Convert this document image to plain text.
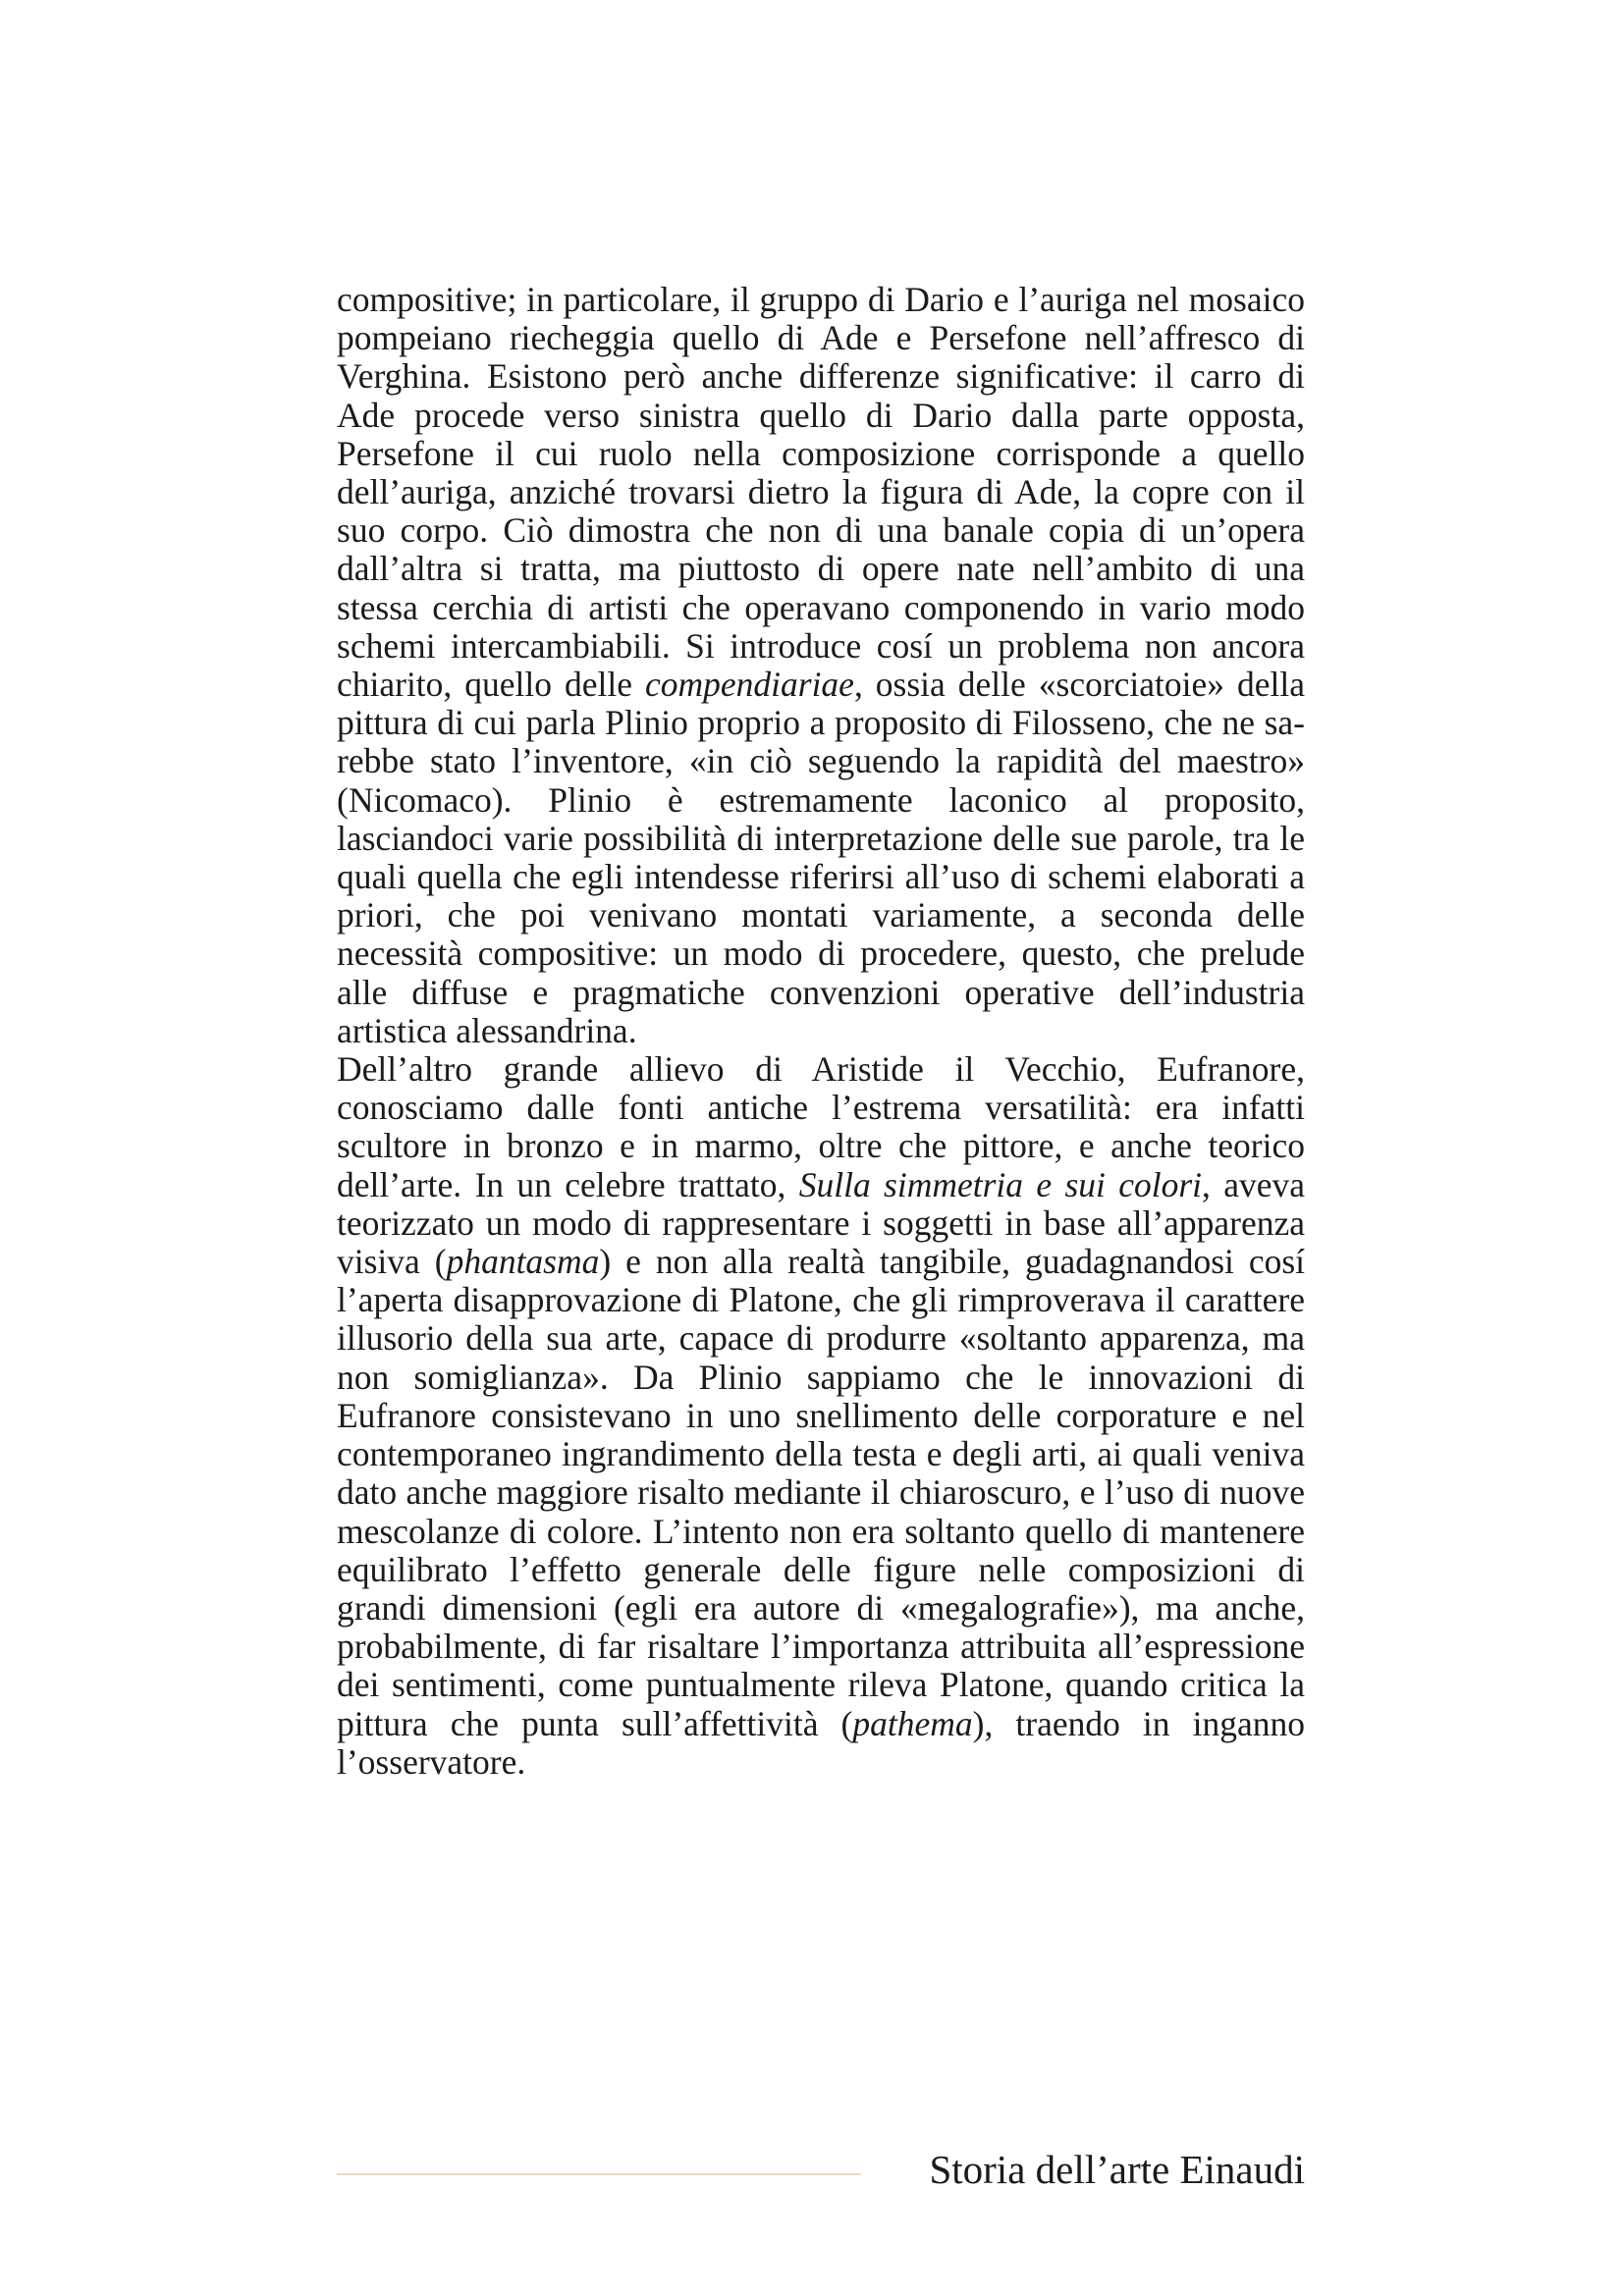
compositive; in particolare, il gruppo di Dario e l’auriga nel mosaico pompeiano riecheggia quello di Ade e Persefone nell’affresco di Verghina. Esistono però anche differenze significative: il carro di Ade procede verso sinistra quello di Dario dalla parte opposta, Persefone il cui ruolo nella composizione corrisponde a quello dell’auriga, anziché trovarsi dietro la figura di Ade, la copre con il suo corpo. Ciò dimostra che non di una banale copia di un’opera dall’altra si tratta, ma piuttosto di opere nate nell’ambito di una stessa cerchia di artisti che operavano componendo in vario modo schemi intercambiabili. Si introduce cosí un problema non ancora chiarito, quello delle compendiariae, ossia delle «scorciatoie» della pittura di cui parla Plinio proprio a proposito di Filosseno, che ne sarebbe stato l’inventore, «in ciò seguendo la rapidità del maestro» (Nicomaco). Plinio è estremamente laconico al proposito, lasciandoci varie possibilità di interpretazione delle sue parole, tra le quali quella che egli intendesse riferirsi all’uso di schemi elaborati a priori, che poi venivano montati variamente, a seconda delle necessità compositive: un modo di procedere, questo, che prelude alle diffuse e pragmatiche convenzioni operative dell’industria artistica alessandrina.

Dell’altro grande allievo di Aristide il Vecchio, Eufranore, conosciamo dalle fonti antiche l’estrema versatilità: era infatti scultore in bronzo e in marmo, oltre che pittore, e anche teorico dell’arte. In un celebre trattato, Sulla simmetria e sui colori, aveva teorizzato un modo di rappresentare i soggetti in base all’apparenza visiva (phantasma) e non alla realtà tangibile, guadagnandosi cosí l’aperta disapprovazione di Platone, che gli rimproverava il carattere illusorio della sua arte, capace di produrre «soltanto apparenza, ma non somiglianza». Da Plinio sappiamo che le innovazioni di Eufranore consistevano in uno snellimento delle corporature e nel contemporaneo ingrandimento della testa e degli arti, ai quali veniva dato anche maggiore risalto mediante il chiaroscuro, e l’uso di nuove mescolanze di colore. L’intento non era soltanto quello di mantenere equilibrato l’effetto generale delle figure nelle composizioni di grandi dimensioni (egli era autore di «megalografie»), ma anche, probabilmente, di far risaltare l’importanza attribuita all’espressione dei sentimenti, come puntualmente rileva Platone, quando critica la pittura che punta sull’affettività (pathema), traendo in inganno l’osservatore.

Storia dell’arte Einaudi
